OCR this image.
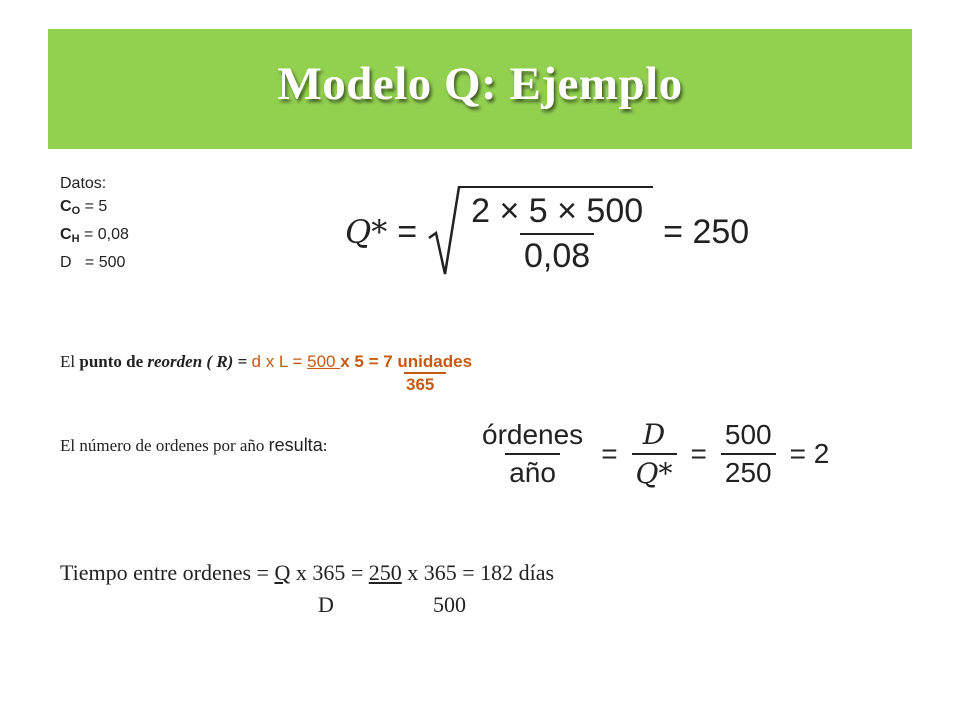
Modelo Q: Ejemplo
Datos:
$C_O = 5$
$C_H = 0,08$
D = 500
$Q* = \frac{2 \times 5 \times 500}{0,08} = 250$
El punto de reorden ( R) = d x L = 500 x 5 = 7 unidades
365
El número de ordenes por año resulta:	$\frac{\text{órdenes}}{\text{año}} = \frac{D}{Q*} = \frac{500}{250} = 2$
Tiempo entre ordenes = Q x 365 = 250 x 365 = 182 días
D	500
